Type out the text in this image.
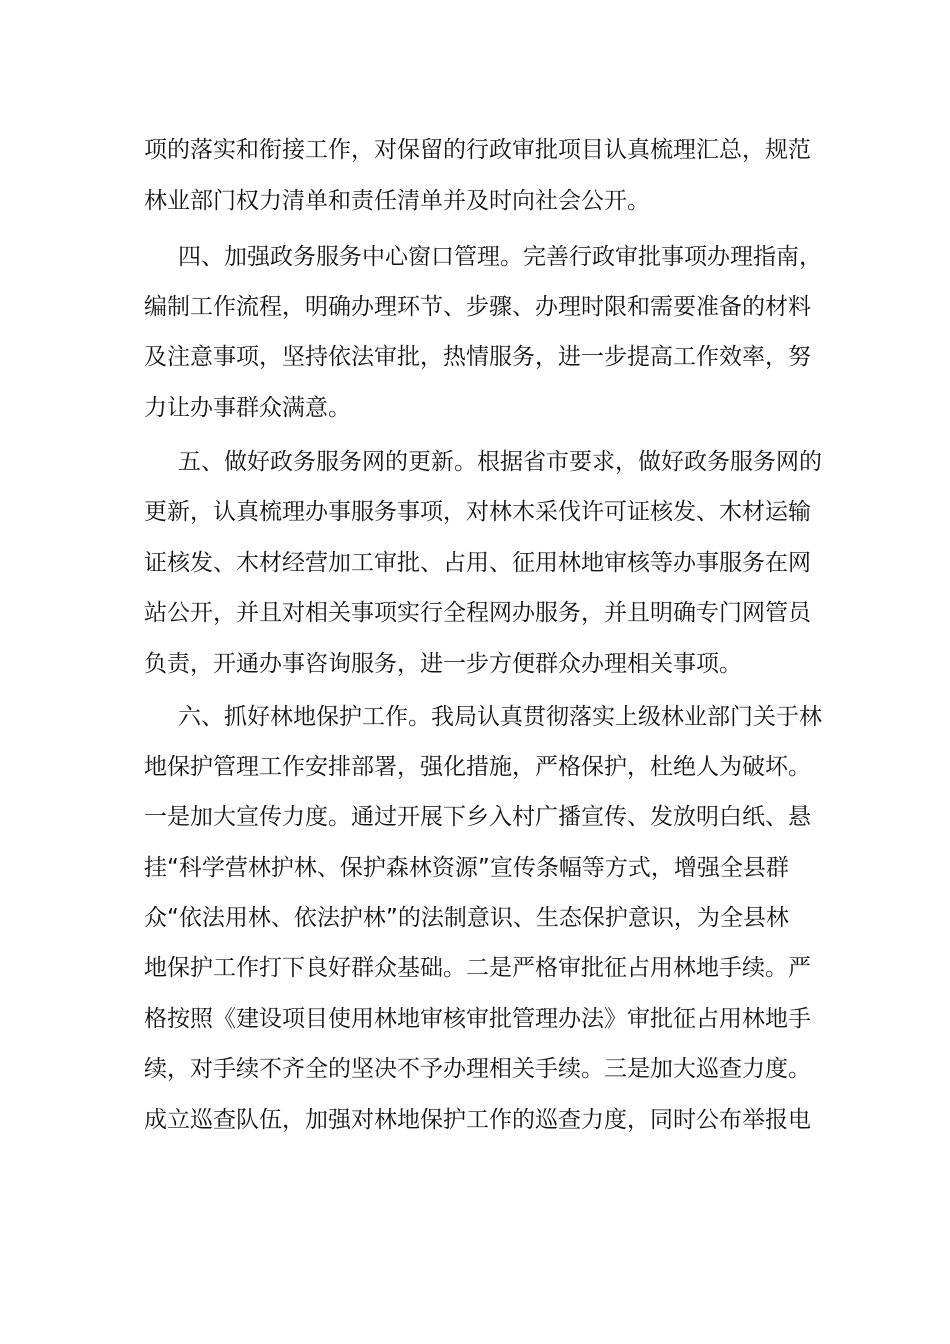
项的落实和衔接工作，对保留的行政审批项目认真梳理汇总，规范
林业部门权力清单和责任清单并及时向社会公开。
四、加强政务服务中心窗口管理。完善行政审批事项办理指南，
编制工作流程，明确办理环节、步骤、办理时限和需要准备的材料
及注意事项，坚持依法审批，热情服务，进一步提高工作效率，努
力让办事群众满意。
五、做好政务服务网的更新。根据省市要求，做好政务服务网的
更新，认真梳理办事服务事项，对林木采伐许可证核发、木材运输
证核发、木材经营加工审批、占用、征用林地审核等办事服务在网
站公开，并且对相关事项实行全程网办服务，并且明确专门网管员
负责，开通办事咨询服务，进一步方便群众办理相关事项。
六、抓好林地保护工作。我局认真贯彻落实上级林业部门关于林
地保护管理工作安排部署，强化措施，严格保护，杜绝人为破坏。
一是加大宣传力度。通过开展下乡入村广播宣传、发放明白纸、悬
挂“科学营林护林、保护森林资源”宣传条幅等方式，增强全县群
众“依法用林、依法护林”的法制意识、生态保护意识，为全县林
地保护工作打下良好群众基础。二是严格审批征占用林地手续。严
格按照《建设项目使用林地审核审批管理办法》审批征占用林地手
续，对手续不齐全的坚决不予办理相关手续。三是加大巡查力度。
成立巡查队伍，加强对林地保护工作的巡查力度，同时公布举报电
